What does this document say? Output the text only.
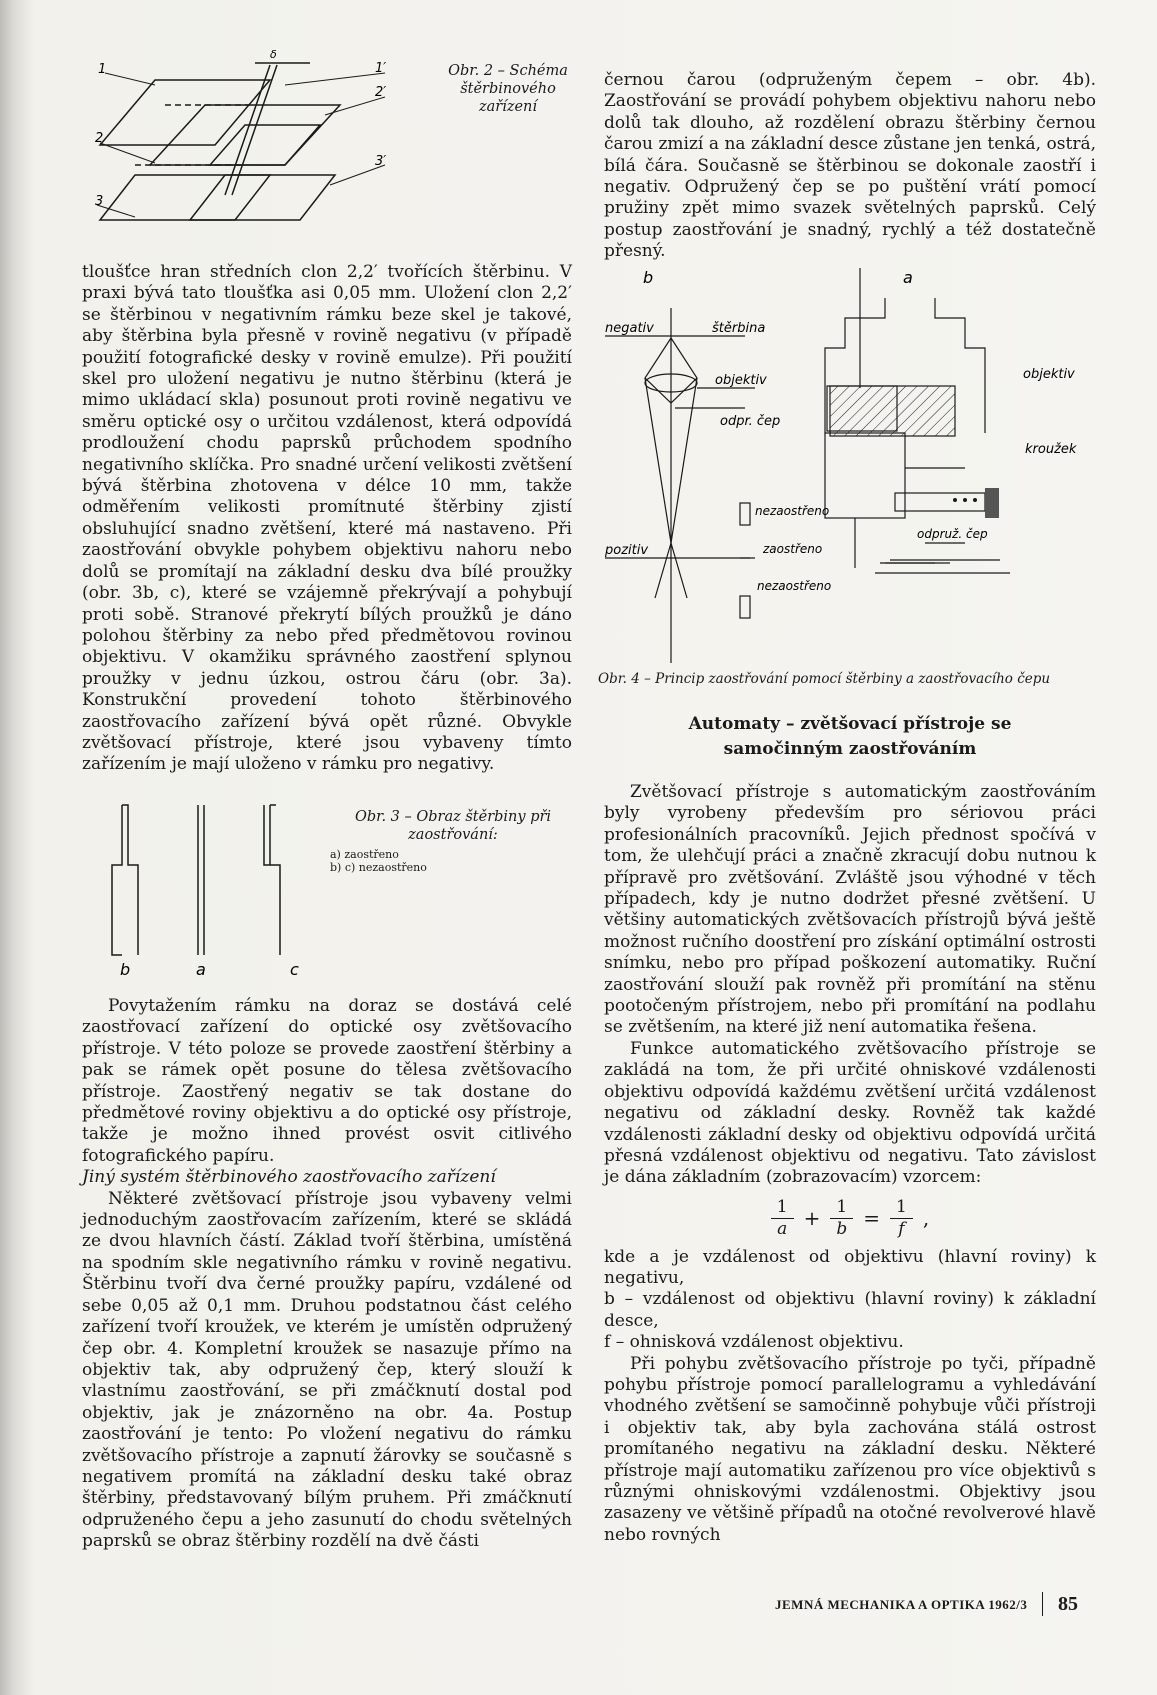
1
2
3
1′
2′
3′
δ
Obr. 2 – Schéma štěrbinového zařízení

tloušťce hran středních clon 2,2′ tvořících štěrbinu. V praxi bývá tato tloušťka asi 0,05 mm. Uložení clon 2,2′ se štěrbinou v negativním rámku beze skel je takové, aby štěrbina byla přesně v rovině negativu (v případě použití fotografické desky v rovině emulze). Při použití skel pro uložení negativu je nutno štěrbinu (která je mimo ukládací skla) posunout proti rovině negativu ve směru optické osy o určitou vzdálenost, která odpovídá prodloužení chodu paprsků průchodem spodního negativního sklíčka. Pro snadné určení velikosti zvětšení bývá štěrbina zhotovena v délce 10 mm, takže odměřením velikosti promítnuté štěrbiny zjistí obsluhující snadno zvětšení, které má nastaveno. Při zaostřování obvykle pohybem objektivu nahoru nebo dolů se promítají na základní desku dva bílé proužky (obr. 3b, c), které se vzájemně překrývají a pohybují proti sobě. Stranové překrytí bílých proužků je dáno polohou štěrbiny za nebo před předmětovou rovinou objektivu. V okamžiku správného zaostření splynou proužky v jednu úzkou, ostrou čáru (obr. 3a). Konstrukční provedení tohoto štěrbinového zaostřovacího zařízení bývá opět různé. Obvykle zvětšovací přístroje, které jsou vybaveny tímto zařízením je mají uloženo v rámku pro negativy.

b	a	c
Obr. 3 – Obraz štěrbiny při zaostřování:
a) zaostřeno
b) c) nezaostřeno

Povytažením rámku na doraz se dostává celé zaostřovací zařízení do optické osy zvětšovacího přístroje. V této poloze se provede zaostření štěrbiny a pak se rámek opět posune do tělesa zvětšovacího přístroje. Zaostřený negativ se tak dostane do předmětové roviny objektivu a do optické osy přístroje, takže je možno ihned provést osvit citlivého fotografického papíru.

Jiný systém štěrbinového zaostřovacího zařízení

Některé zvětšovací přístroje jsou vybaveny velmi jednoduchým zaostřovacím zařízením, které se skládá ze dvou hlavních částí. Základ tvoří štěrbina, umístěná na spodním skle negativního rámku v rovině negativu. Štěrbinu tvoří dva černé proužky papíru, vzdálené od sebe 0,05 až 0,1 mm. Druhou podstatnou část celého zařízení tvoří kroužek, ve kterém je umístěn odpružený čep obr. 4. Kompletní kroužek se nasazuje přímo na objektiv tak, aby odpružený čep, který slouží k vlastnímu zaostřování, se při zmáčknutí dostal pod objektiv, jak je znázorněno na obr. 4a. Postup zaostřování je tento: Po vložení negativu do rámku zvětšovacího přístroje a zapnutí žárovky se současně s negativem promítá na základní desku také obraz štěrbiny, představovaný bílým pruhem. Při zmáčknutí odpruženého čepu a jeho zasunutí do chodu světelných paprsků se obraz štěrbiny rozdělí na dvě části

černou čarou (odpruženým čepem – obr. 4b). Zaostřování se provádí pohybem objektivu nahoru nebo dolů tak dlouho, až rozdělení obrazu štěrbiny černou čarou zmizí a na základní desce zůstane jen tenká, ostrá, bílá čára. Současně se štěrbinou se dokonale zaostří i negativ. Odpružený čep se po puštění vrátí pomocí pružiny zpět mimo svazek světelných paprsků. Celý postup zaostřování je snadný, rychlý a též dostatečně přesný.

b	a
negativ	štěrbina
objektiv
odpr. čep
nezaostřeno
pozitiv	zaostřeno
nezaostřeno
objektiv
kroužek
odpruž. čep
Obr. 4 – Princip zaostřování pomocí štěrbiny a zaostřovacího čepu

Automaty – zvětšovací přístroje se samočinným zaostřováním

Zvětšovací přístroje s automatickým zaostřováním byly vyrobeny především pro sériovou práci profesionálních pracovníků. Jejich přednost spočívá v tom, že ulehčují práci a značně zkracují dobu nutnou k přípravě pro zvětšování. Zvláště jsou výhodné v těch případech, kdy je nutno dodržet přesné zvětšení. U většiny automatických zvětšovacích přístrojů bývá ještě možnost ručního doostření pro získání optimální ostrosti snímku, nebo pro případ poškození automatiky. Ruční zaostřování slouží pak rovněž při promítání na stěnu pootočeným přístrojem, nebo při promítání na podlahu se zvětšením, na které již není automatika řešena.

Funkce automatického zvětšovacího přístroje se zakládá na tom, že při určité ohniskové vzdálenosti objektivu odpovídá každému zvětšení určitá vzdálenost negativu od základní desky. Rovněž tak každé vzdálenosti základní desky od objektivu odpovídá určitá přesná vzdálenost objektivu od negativu. Tato závislost je dána základním (zobrazovacím) vzorcem:

$\frac{1}{a} + \frac{1}{b} = \frac{1}{f}$ ,

kde a je vzdálenost od objektivu (hlavní roviny) k negativu,

b – vzdálenost od objektivu (hlavní roviny) k základní desce,

f – ohnisková vzdálenost objektivu.

Při pohybu zvětšovacího přístroje po tyči, případně pohybu přístroje pomocí parallelogramu a vyhledávání vhodného zvětšení se samočinně pohybuje vůči přístroji i objektiv tak, aby byla zachována stálá ostrost promítaného negativu na základní desku. Některé přístroje mají automatiku zařízenou pro více objektivů s různými ohniskovými vzdálenostmi. Objektivy jsou zasazeny ve většině případů na otočné revolverové hlavě nebo rovných

JEMNÁ MECHANIKA A OPTIKA 1962/3 85
